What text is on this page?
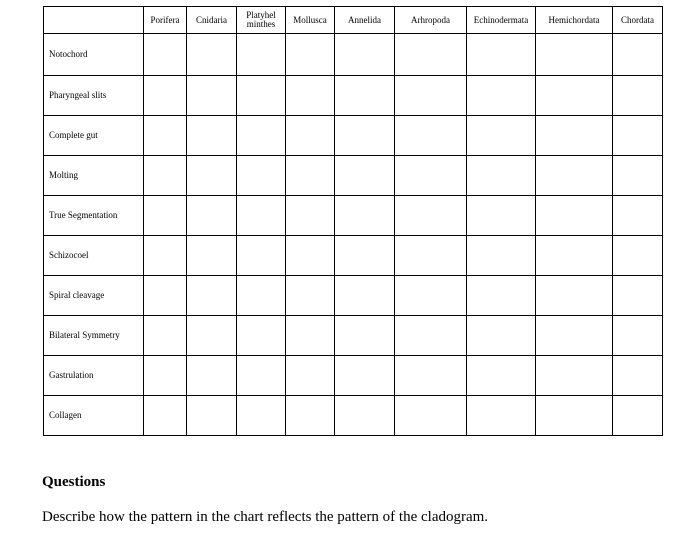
	Porifera	Cnidaria	Platyhel minthes	Mollusca	Annelida	Arhropoda	Echinodermata	Hemichordata	Chordata
Notochord									
Pharyngeal slits									
Complete gut									
Molting									
True Segmentation									
Schizocoel									
Spiral cleavage									
Bilateral Symmetry									
Gastrulation									
Collagen									
Questions

Describe how the pattern in the chart reflects the pattern of the cladogram.
